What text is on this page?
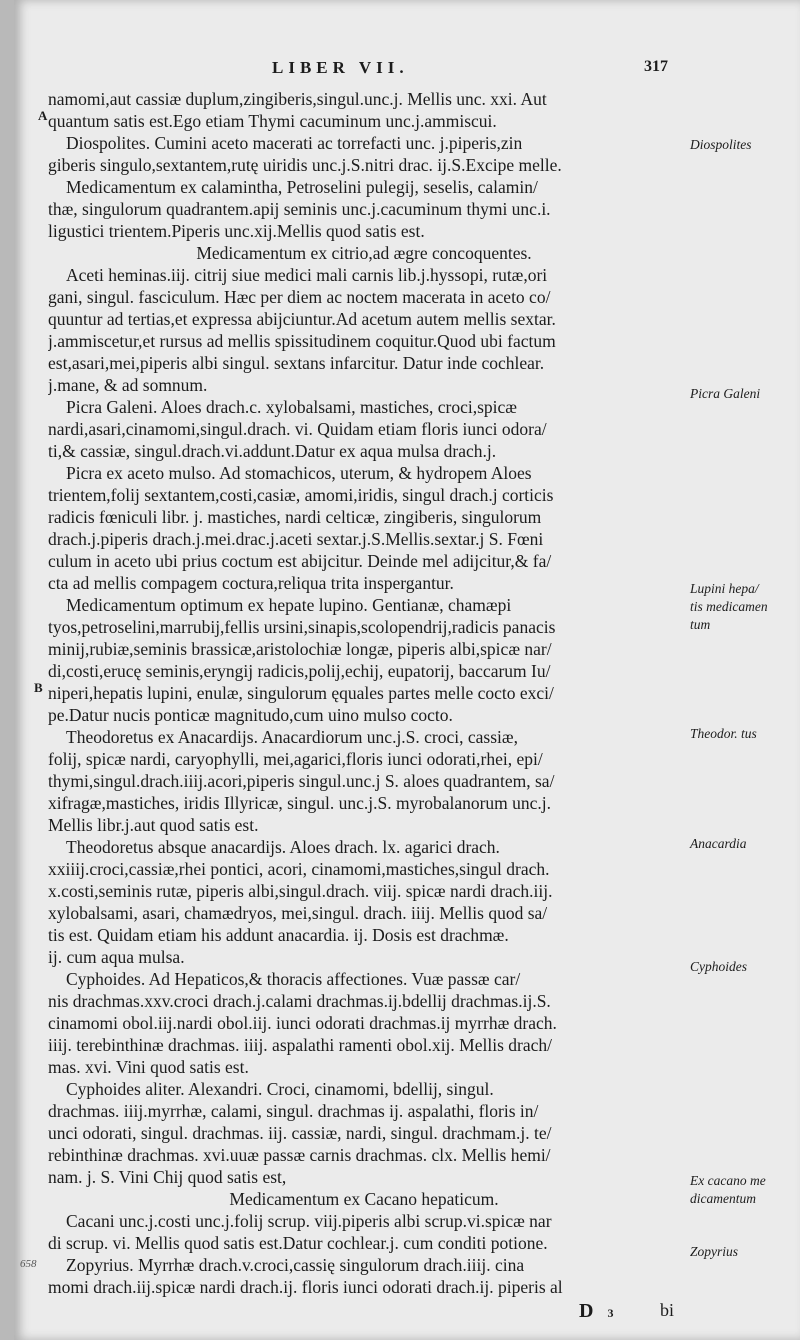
LIBER VII.	317
A
B
namomi,aut cassiæ duplum,zingiberis,singul.unc.j. Mellis unc. xxi. Aut
quantum satis est.Ego etiam Thymi cacuminum unc.j.ammiscui.
Diospolites. Cumini aceto macerati ac torrefacti unc. j.piperis,zin
giberis singulo,sextantem,rutę uiridis unc.j.S.nitri drac. ij.S.Excipe melle.
Medicamentum ex calamintha, Petroselini pulegij, seselis, calamin/
thæ, singulorum quadrantem.apij seminis unc.j.cacuminum thymi unc.i.
ligustici trientem.Piperis unc.xij.Mellis quod satis est.
Medicamentum ex citrio,ad ægre concoquentes.
Aceti heminas.iij. citrij siue medici mali carnis lib.j.hyssopi, rutæ,ori
gani, singul. fasciculum. Hæc per diem ac noctem macerata in aceto co/
quuntur ad tertias,et expressa abijciuntur.Ad acetum autem mellis sextar.
j.ammiscetur,et rursus ad mellis spissitudinem coquitur.Quod ubi factum
est,asari,mei,piperis albi singul. sextans infarcitur. Datur inde cochlear.
j.mane, & ad somnum.
Picra Galeni. Aloes drach.c. xylobalsami, mastiches, croci,spicæ
nardi,asari,cinamomi,singul.drach. vi. Quidam etiam floris iunci odora/
ti,& cassiæ, singul.drach.vi.addunt.Datur ex aqua mulsa drach.j.
Picra ex aceto mulso. Ad stomachicos, uterum, & hydropem Aloes
trientem,folij sextantem,costi,casiæ, amomi,iridis, singul drach.j corticis
radicis fœniculi libr. j. mastiches, nardi celticæ, zingiberis, singulorum
drach.j.piperis drach.j.mei.drac.j.aceti sextar.j.S.Mellis.sextar.j S. Fœni
culum in aceto ubi prius coctum est abijcitur. Deinde mel adijcitur,& fa/
cta ad mellis compagem coctura,reliqua trita inspergantur.
Medicamentum optimum ex hepate lupino. Gentianæ, chamæpi
tyos,petroselini,marrubij,fellis ursini,sinapis,scolopendrij,radicis panacis
minij,rubiæ,seminis brassicæ,aristolochiæ longæ, piperis albi,spicæ nar/
di,costi,erucę seminis,eryngij radicis,polij,echij, eupatorij, baccarum Iu/
niperi,hepatis lupini, enulæ, singulorum ęquales partes melle cocto exci/
pe.Datur nucis ponticæ magnitudo,cum uino mulso cocto.
Theodoretus ex Anacardijs. Anacardiorum unc.j.S. croci, cassiæ,
folij, spicæ nardi, caryophylli, mei,agarici,floris iunci odorati,rhei, epi/
thymi,singul.drach.iiij.acori,piperis singul.unc.j S. aloes quadrantem, sa/
xifragæ,mastiches, iridis Illyricæ, singul. unc.j.S. myrobalanorum unc.j.
Mellis libr.j.aut quod satis est.
Theodoretus absque anacardijs. Aloes drach. lx. agarici drach.
xxiiij.croci,cassiæ,rhei pontici, acori, cinamomi,mastiches,singul drach.
x.costi,seminis rutæ, piperis albi,singul.drach. viij. spicæ nardi drach.iij.
xylobalsami, asari, chamædryos, mei,singul. drach. iiij. Mellis quod sa/
tis est. Quidam etiam his addunt anacardia. ij. Dosis est drachmæ.
ij. cum aqua mulsa.
Cyphoides. Ad Hepaticos,& thoracis affectiones. Vuæ passæ car/
nis drachmas.xxv.croci drach.j.calami drachmas.ij.bdellij drachmas.ij.S.
cinamomi obol.iij.nardi obol.iij. iunci odorati drachmas.ij myrrhæ drach.
iiij. terebinthinæ drachmas. iiij. aspalathi ramenti obol.xij. Mellis drach/
mas. xvi. Vini quod satis est.
Cyphoides aliter. Alexandri. Croci, cinamomi, bdellij, singul.
drachmas. iiij.myrrhæ, calami, singul. drachmas ij. aspalathi, floris in/
unci odorati, singul. drachmas. iij. cassiæ, nardi, singul. drachmam.j. te/
rebinthinæ drachmas. xvi.uuæ passæ carnis drachmas. clx. Mellis hemi/
nam. j. S. Vini Chij quod satis est,
Medicamentum ex Cacano hepaticum.
Cacani unc.j.costi unc.j.folij scrup. viij.piperis albi scrup.vi.spicæ nar
di scrup. vi. Mellis quod satis est.Datur cochlear.j. cum conditi potione.
Zopyrius. Myrrhæ drach.v.croci,cassię singulorum drach.iiij. cina
momi drach.iij.spicæ nardi drach.ij. floris iunci odorati drach.ij. piperis al
Diospolites
Picra Galeni
Lupini hepa/
tis medicamen
tum
Theodor. tus
Anacardia
Cyphoides
Ex cacano me
dicamentum
Zopyrius
658
D 3	bi
